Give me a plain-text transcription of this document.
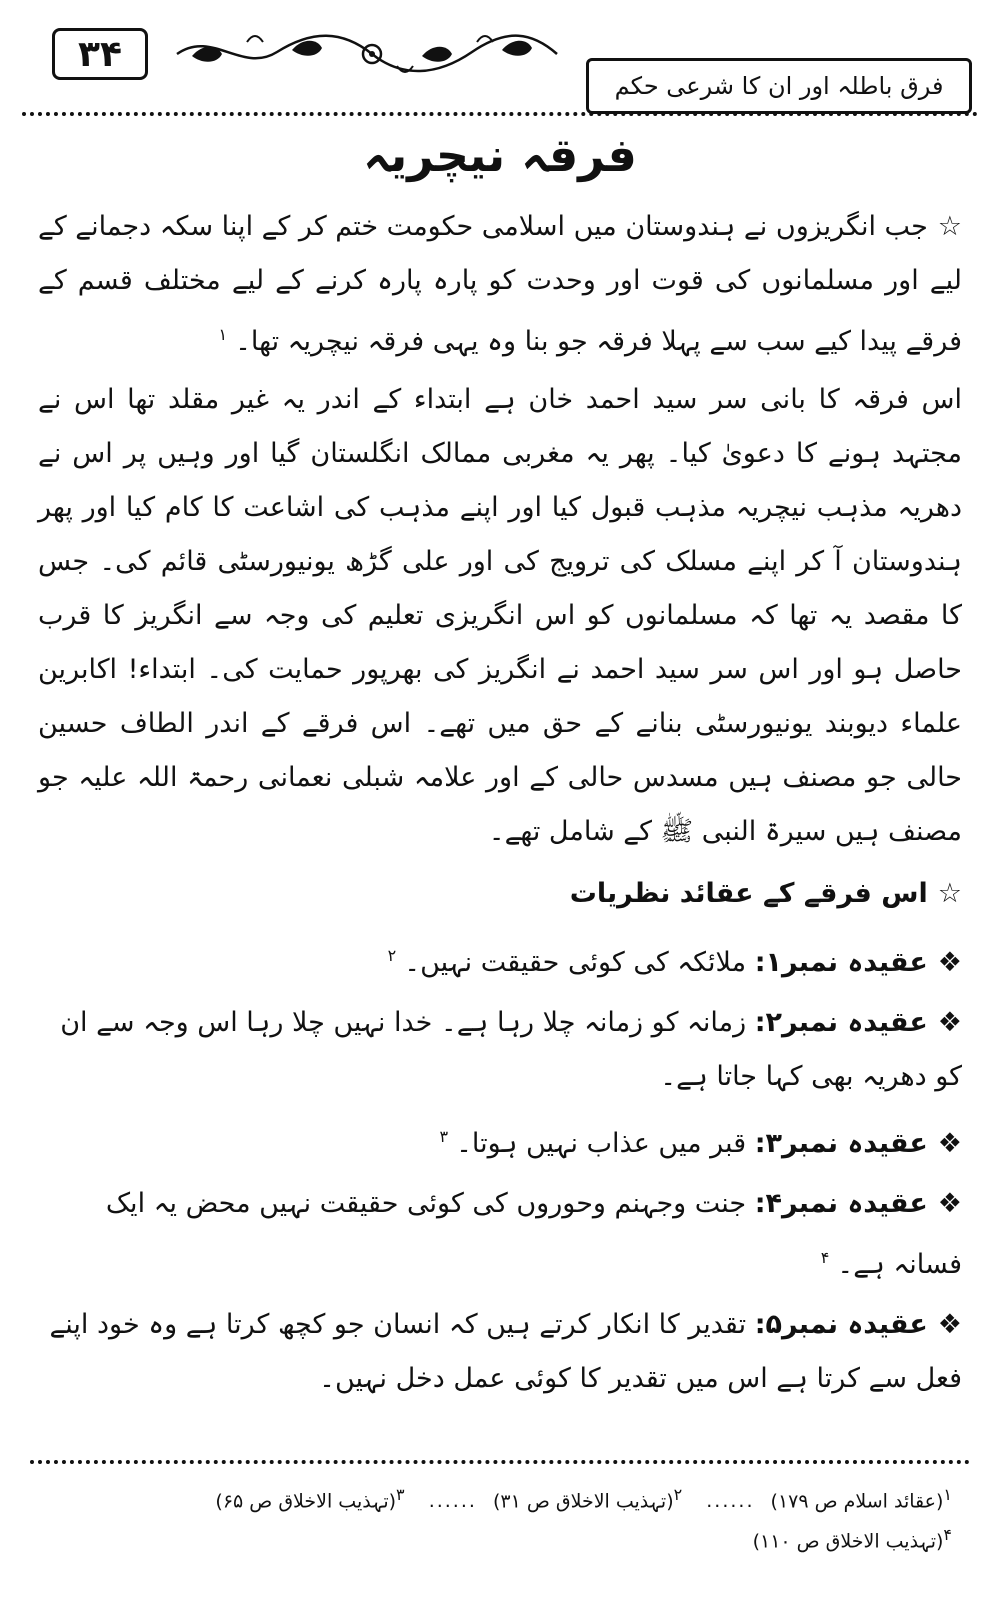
۳۴
فرق باطلہ اور ان کا شرعی حکم
فرقہ نیچریہ

☆جب انگریزوں نے ہندوستان میں اسلامی حکومت ختم کر کے اپنا سکہ دجمانے کے لیے اور مسلمانوں کی قوت اور وحدت کو پارہ پارہ کرنے کے لیے مختلف قسم کے فرقے پیدا کیے سب سے پہلا فرقہ جو بنا وہ یہی فرقہ نیچریہ تھا۔$^۱$

اس فرقہ کا بانی سر سید احمد خان ہے ابتداء کے اندر یہ غیر مقلد تھا اس نے مجتہد ہونے کا دعویٰ کیا۔ پھر یہ مغربی ممالک انگلستان گیا اور وہیں پر اس نے دھریہ مذہب نیچریہ مذہب قبول کیا اور اپنے مذہب کی اشاعت کا کام کیا اور پھر ہندوستان آ کر اپنے مسلک کی ترویج کی اور علی گڑھ یونیورسٹی قائم کی۔ جس کا مقصد یہ تھا کہ مسلمانوں کو اس انگریزی تعلیم کی وجہ سے انگریز کا قرب حاصل ہو اور اس سر سید احمد نے انگریز کی بھرپور حمایت کی۔ ابتداء! اکابرین علماء دیوبند یونیورسٹی بنانے کے حق میں تھے۔ اس فرقے کے اندر الطاف حسین حالی جو مصنف ہیں مسدس حالی کے اور علامہ شبلی نعمانی رحمۃ اللہ علیہ جو مصنف ہیں سیرۃ النبی ﷺ کے شامل تھے۔

☆اس فرقے کے عقائد نظریات
❖عقیدہ نمبر۱: ملائکہ کی کوئی حقیقت نہیں۔$^۲$
❖عقیدہ نمبر۲: زمانہ کو زمانہ چلا رہا ہے۔ خدا نہیں چلا رہا اس وجہ سے ان کو دھریہ بھی کہا جاتا ہے۔
❖عقیدہ نمبر۳: قبر میں عذاب نہیں ہوتا۔$^۳$
❖عقیدہ نمبر۴: جنت وجہنم وحوروں کی کوئی حقیقت نہیں محض یہ ایک فسانہ ہے۔$^۴$
❖عقیدہ نمبر۵: تقدیر کا انکار کرتے ہیں کہ انسان جو کچھ کرتا ہے وہ خود اپنے فعل سے کرتا ہے اس میں تقدیر کا کوئی عمل دخل نہیں۔
$^۱$(عقائد اسلام ص ۱۷۹) ...... $^۲$(تہذیب الاخلاق ص ۳۱) ...... $^۳$(تہذیب الاخلاق ص ۶۵)
$^۴$(تہذیب الاخلاق ص ۱۱۰)
